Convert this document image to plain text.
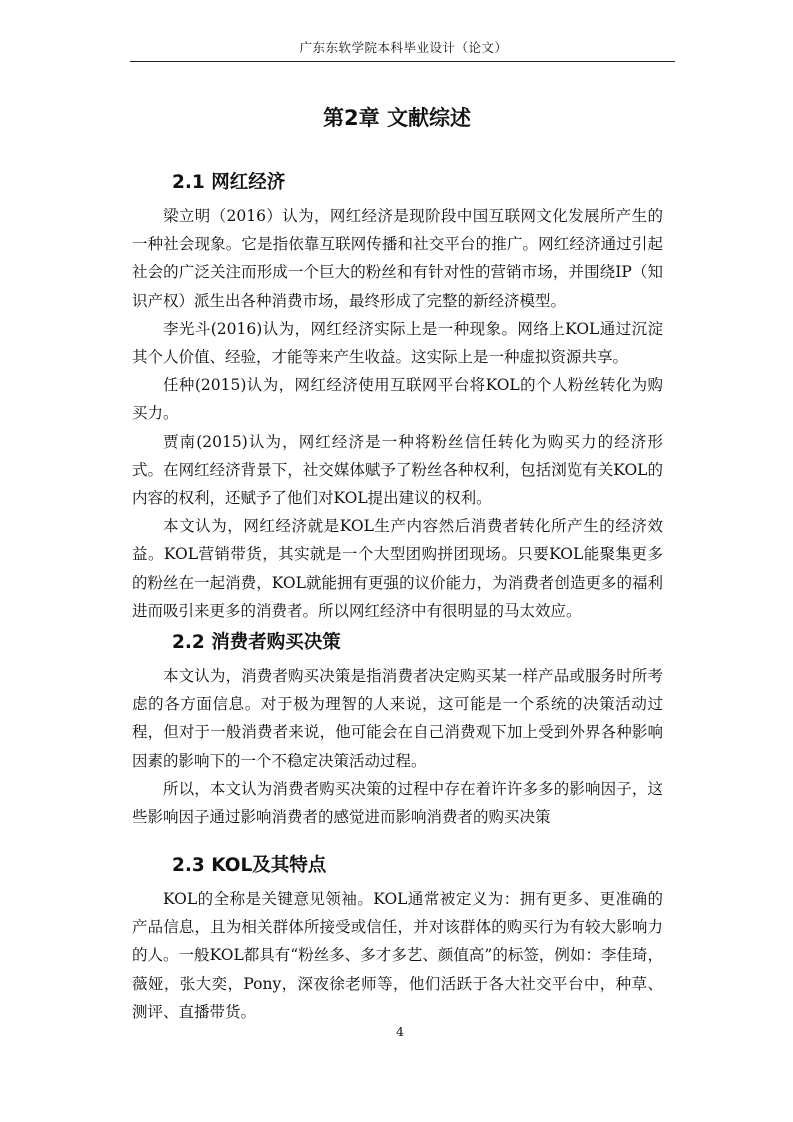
广东东软学院本科毕业设计（论文）
第2章 文献综述
2.1 网红经济

梁立明（2016）认为，网红经济是现阶段中国互联网文化发展所产生的一种社会现象。它是指依靠互联网传播和社交平台的推广。网红经济通过引起社会的广泛关注而形成一个巨大的粉丝和有针对性的营销市场，并围绕IP（知识产权）派生出各种消费市场，最终形成了完整的新经济模型。

李光斗(2016)认为，网红经济实际上是一种现象。网络上KOL通过沉淀其个人价值、经验，才能等来产生收益。这实际上是一种虚拟资源共享。

任种(2015)认为，网红经济使用互联网平台将KOL的个人粉丝转化为购买力。

贾南(2015)认为，网红经济是一种将粉丝信任转化为购买力的经济形式。在网红经济背景下，社交媒体赋予了粉丝各种权利，包括浏览有关KOL的内容的权利，还赋予了他们对KOL提出建议的权利。

本文认为，网红经济就是KOL生产内容然后消费者转化所产生的经济效益。KOL营销带货，其实就是一个大型团购拼团现场。只要KOL能聚集更多的粉丝在一起消费，KOL就能拥有更强的议价能力，为消费者创造更多的福利进而吸引来更多的消费者。所以网红经济中有很明显的马太效应。

2.2 消费者购买决策

本文认为，消费者购买决策是指消费者决定购买某一样产品或服务时所考虑的各方面信息。对于极为理智的人来说，这可能是一个系统的决策活动过程，但对于一般消费者来说，他可能会在自己消费观下加上受到外界各种影响因素的影响下的一个不稳定决策活动过程。

所以，本文认为消费者购买决策的过程中存在着许许多多的影响因子，这些影响因子通过影响消费者的感觉进而影响消费者的购买决策

2.3 KOL及其特点

KOL的全称是关键意见领袖。KOL通常被定义为：拥有更多、更准确的产品信息，且为相关群体所接受或信任，并对该群体的购买行为有较大影响力的人。一般KOL都具有“粉丝多、多才多艺、颜值高”的标签，例如：李佳琦，薇娅，张大奕，Pony，深夜徐老师等，他们活跃于各大社交平台中，种草、测评、直播带货。

4
